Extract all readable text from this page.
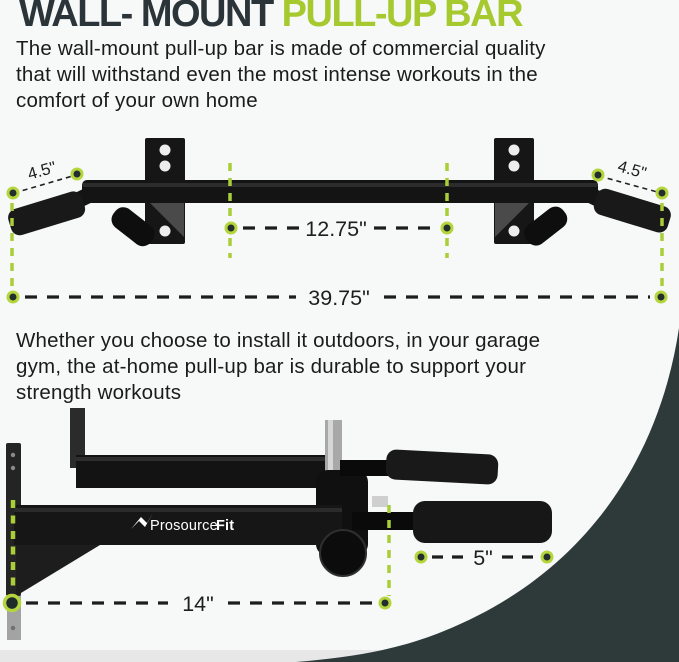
4.5"	4.5"
12.75"
39.75"
Prosource
Fit
5"
14"
WALL- MOUNT PULL-UP BAR
The wall-mount pull-up bar is made of commercial quality
that will withstand even the most intense workouts in the
comfort of your own home
Whether you choose to install it outdoors, in your garage
gym, the at-home pull-up bar is durable to support your
strength workouts
